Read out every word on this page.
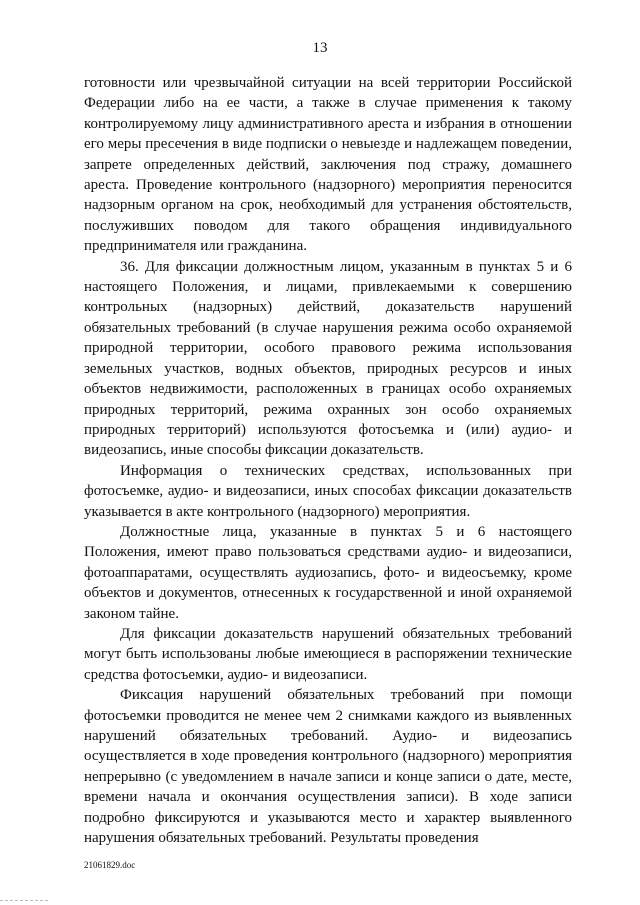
13

готовности или чрезвычайной ситуации на всей территории Российской Федерации либо на ее части, а также в случае применения к такому контролируемому лицу административного ареста и избрания в отношении его меры пресечения в виде подписки о невыезде и надлежащем поведении, запрете определенных действий, заключения под стражу, домашнего ареста. Проведение контрольного (надзорного) мероприятия переносится надзорным органом на срок, необходимый для устранения обстоятельств, послуживших поводом для такого обращения индивидуального предпринимателя или гражданина.

36. Для фиксации должностным лицом, указанным в пунктах 5 и 6 настоящего Положения, и лицами, привлекаемыми к совершению контрольных (надзорных) действий, доказательств нарушений обязательных требований (в случае нарушения режима особо охраняемой природной территории, особого правового режима использования земельных участков, водных объектов, природных ресурсов и иных объектов недвижимости, расположенных в границах особо охраняемых природных территорий, режима охранных зон особо охраняемых природных территорий) используются фотосъемка и (или) аудио- и видеозапись, иные способы фиксации доказательств.

Информация о технических средствах, использованных при фотосъемке, аудио- и видеозаписи, иных способах фиксации доказательств указывается в акте контрольного (надзорного) мероприятия.

Должностные лица, указанные в пунктах 5 и 6 настоящего Положения, имеют право пользоваться средствами аудио- и видеозаписи, фотоаппаратами, осуществлять аудиозапись, фото- и видеосъемку, кроме объектов и документов, отнесенных к государственной и иной охраняемой законом тайне.

Для фиксации доказательств нарушений обязательных требований могут быть использованы любые имеющиеся в распоряжении технические средства фотосъемки, аудио- и видеозаписи.

Фиксация нарушений обязательных требований при помощи фотосъемки проводится не менее чем 2 снимками каждого из выявленных нарушений обязательных требований. Аудио- и видеозапись осуществляется в ходе проведения контрольного (надзорного) мероприятия непрерывно (с уведомлением в начале записи и конце записи о дате, месте, времени начала и окончания осуществления записи). В ходе записи подробно фиксируются и указываются место и характер выявленного нарушения обязательных требований. Результаты проведения

21061829.doc
